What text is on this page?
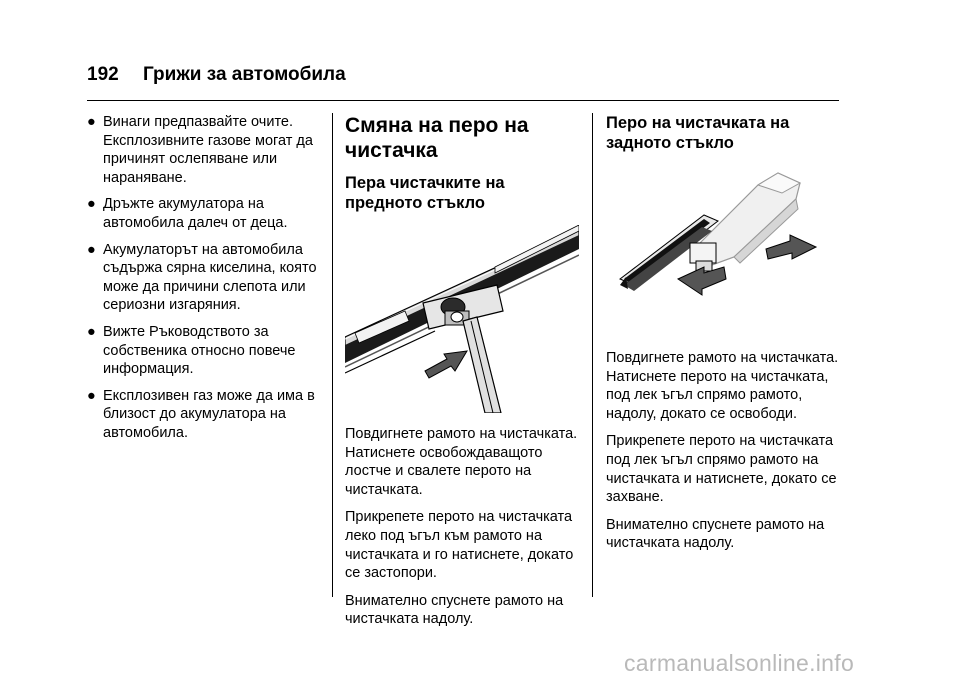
192 Грижи за автомобила
● Винаги предпазвайте очите. Експлозивните газове могат да причинят ослепяване или нараняване.
● Дръжте акумулатора на автомобила далеч от деца.
● Акумулаторът на автомобила съдържа сярна киселина, която може да причини слепота или сериозни изгаряния.
● Вижте Ръководството за собственика относно повече информация.
● Експлозивен газ може да има в близост до акумулатора на автомобила.
Смяна на перо на чистачка
Пера чистачките на предното стъкло

Повдигнете рамото на чистачката. Натиснете освобождаващото лостче и свалете перото на чистачката.

Прикрепете перото на чистачката леко под ъгъл към рамото на чистачката и го натиснете, докато се застопори.

Внимателно спуснете рамото на чистачката надолу.

Перо на чистачката на задното стъкло

Повдигнете рамото на чистачката. Натиснете перото на чистачката, под лек ъгъл спрямо рамото, надолу, докато се освободи.

Прикрепете перото на чистачката под лек ъгъл спрямо рамото на чистачката и натиснете, докато се захване.

Внимателно спуснете рамото на чистачката надолу.

carmanualsonline.info
